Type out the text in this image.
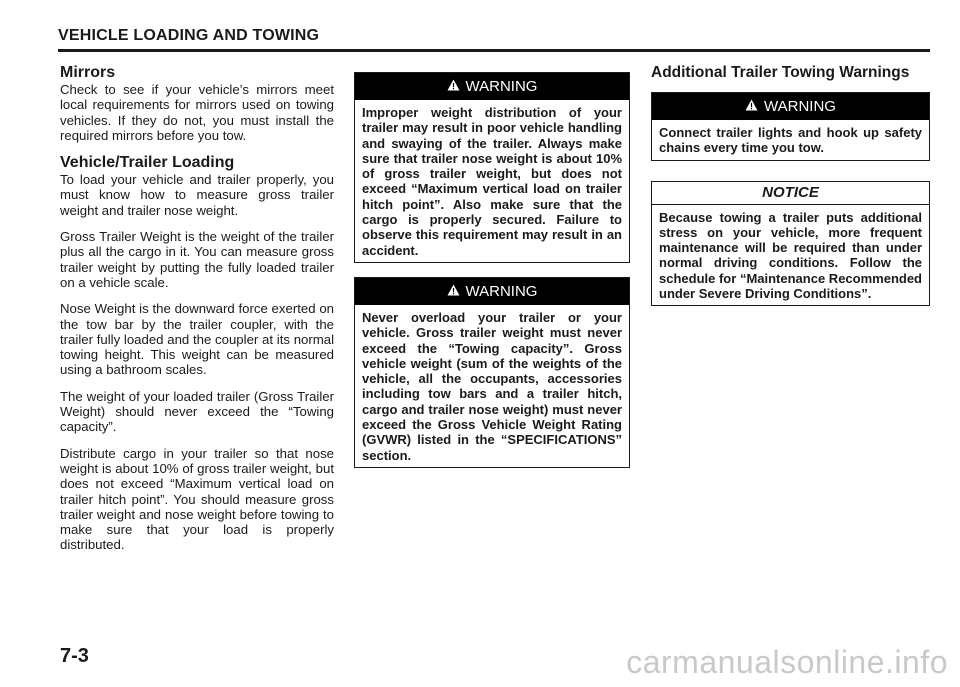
VEHICLE LOADING AND TOWING
Mirrors

Check to see if your vehicle’s mirrors meet local requirements for mirrors used on towing vehicles. If they do not, you must install the required mirrors before you tow.

Vehicle/Trailer Loading

To load your vehicle and trailer properly, you must know how to measure gross trailer weight and trailer nose weight.

Gross Trailer Weight is the weight of the trailer plus all the cargo in it. You can measure gross trailer weight by putting the fully loaded trailer on a vehicle scale.

Nose Weight is the downward force exerted on the tow bar by the trailer coupler, with the trailer fully loaded and the coupler at its normal towing height. This weight can be measured using a bathroom scales.

The weight of your loaded trailer (Gross Trailer Weight) should never exceed the “Towing capacity”.

Distribute cargo in your trailer so that nose weight is about 10% of gross trailer weight, but does not exceed “Maximum vertical load on trailer hitch point”. You should measure gross trailer weight and nose weight before towing to make sure that your load is properly distributed.

WARNING
Improper weight distribution of your trailer may result in poor vehicle handling and swaying of the trailer. Always make sure that trailer nose weight is about 10% of gross trailer weight, but does not exceed “Maximum vertical load on trailer hitch point”. Also make sure that the cargo is properly secured. Failure to observe this requirement may result in an accident.
WARNING
Never overload your trailer or your vehicle. Gross trailer weight must never exceed the “Towing capacity”. Gross vehicle weight (sum of the weights of the vehicle, all the occupants, accessories including tow bars and a trailer hitch, cargo and trailer nose weight) must never exceed the Gross Vehicle Weight Rating (GVWR) listed in the “SPECIFICATIONS” section.
Additional Trailer Towing Warnings
WARNING
Connect trailer lights and hook up safety chains every time you tow.
NOTICE
Because towing a trailer puts additional stress on your vehicle, more frequent maintenance will be required than under normal driving conditions. Follow the schedule for “Maintenance Recommended under Severe Driving Conditions”.
7-3	carmanualsonline.info
